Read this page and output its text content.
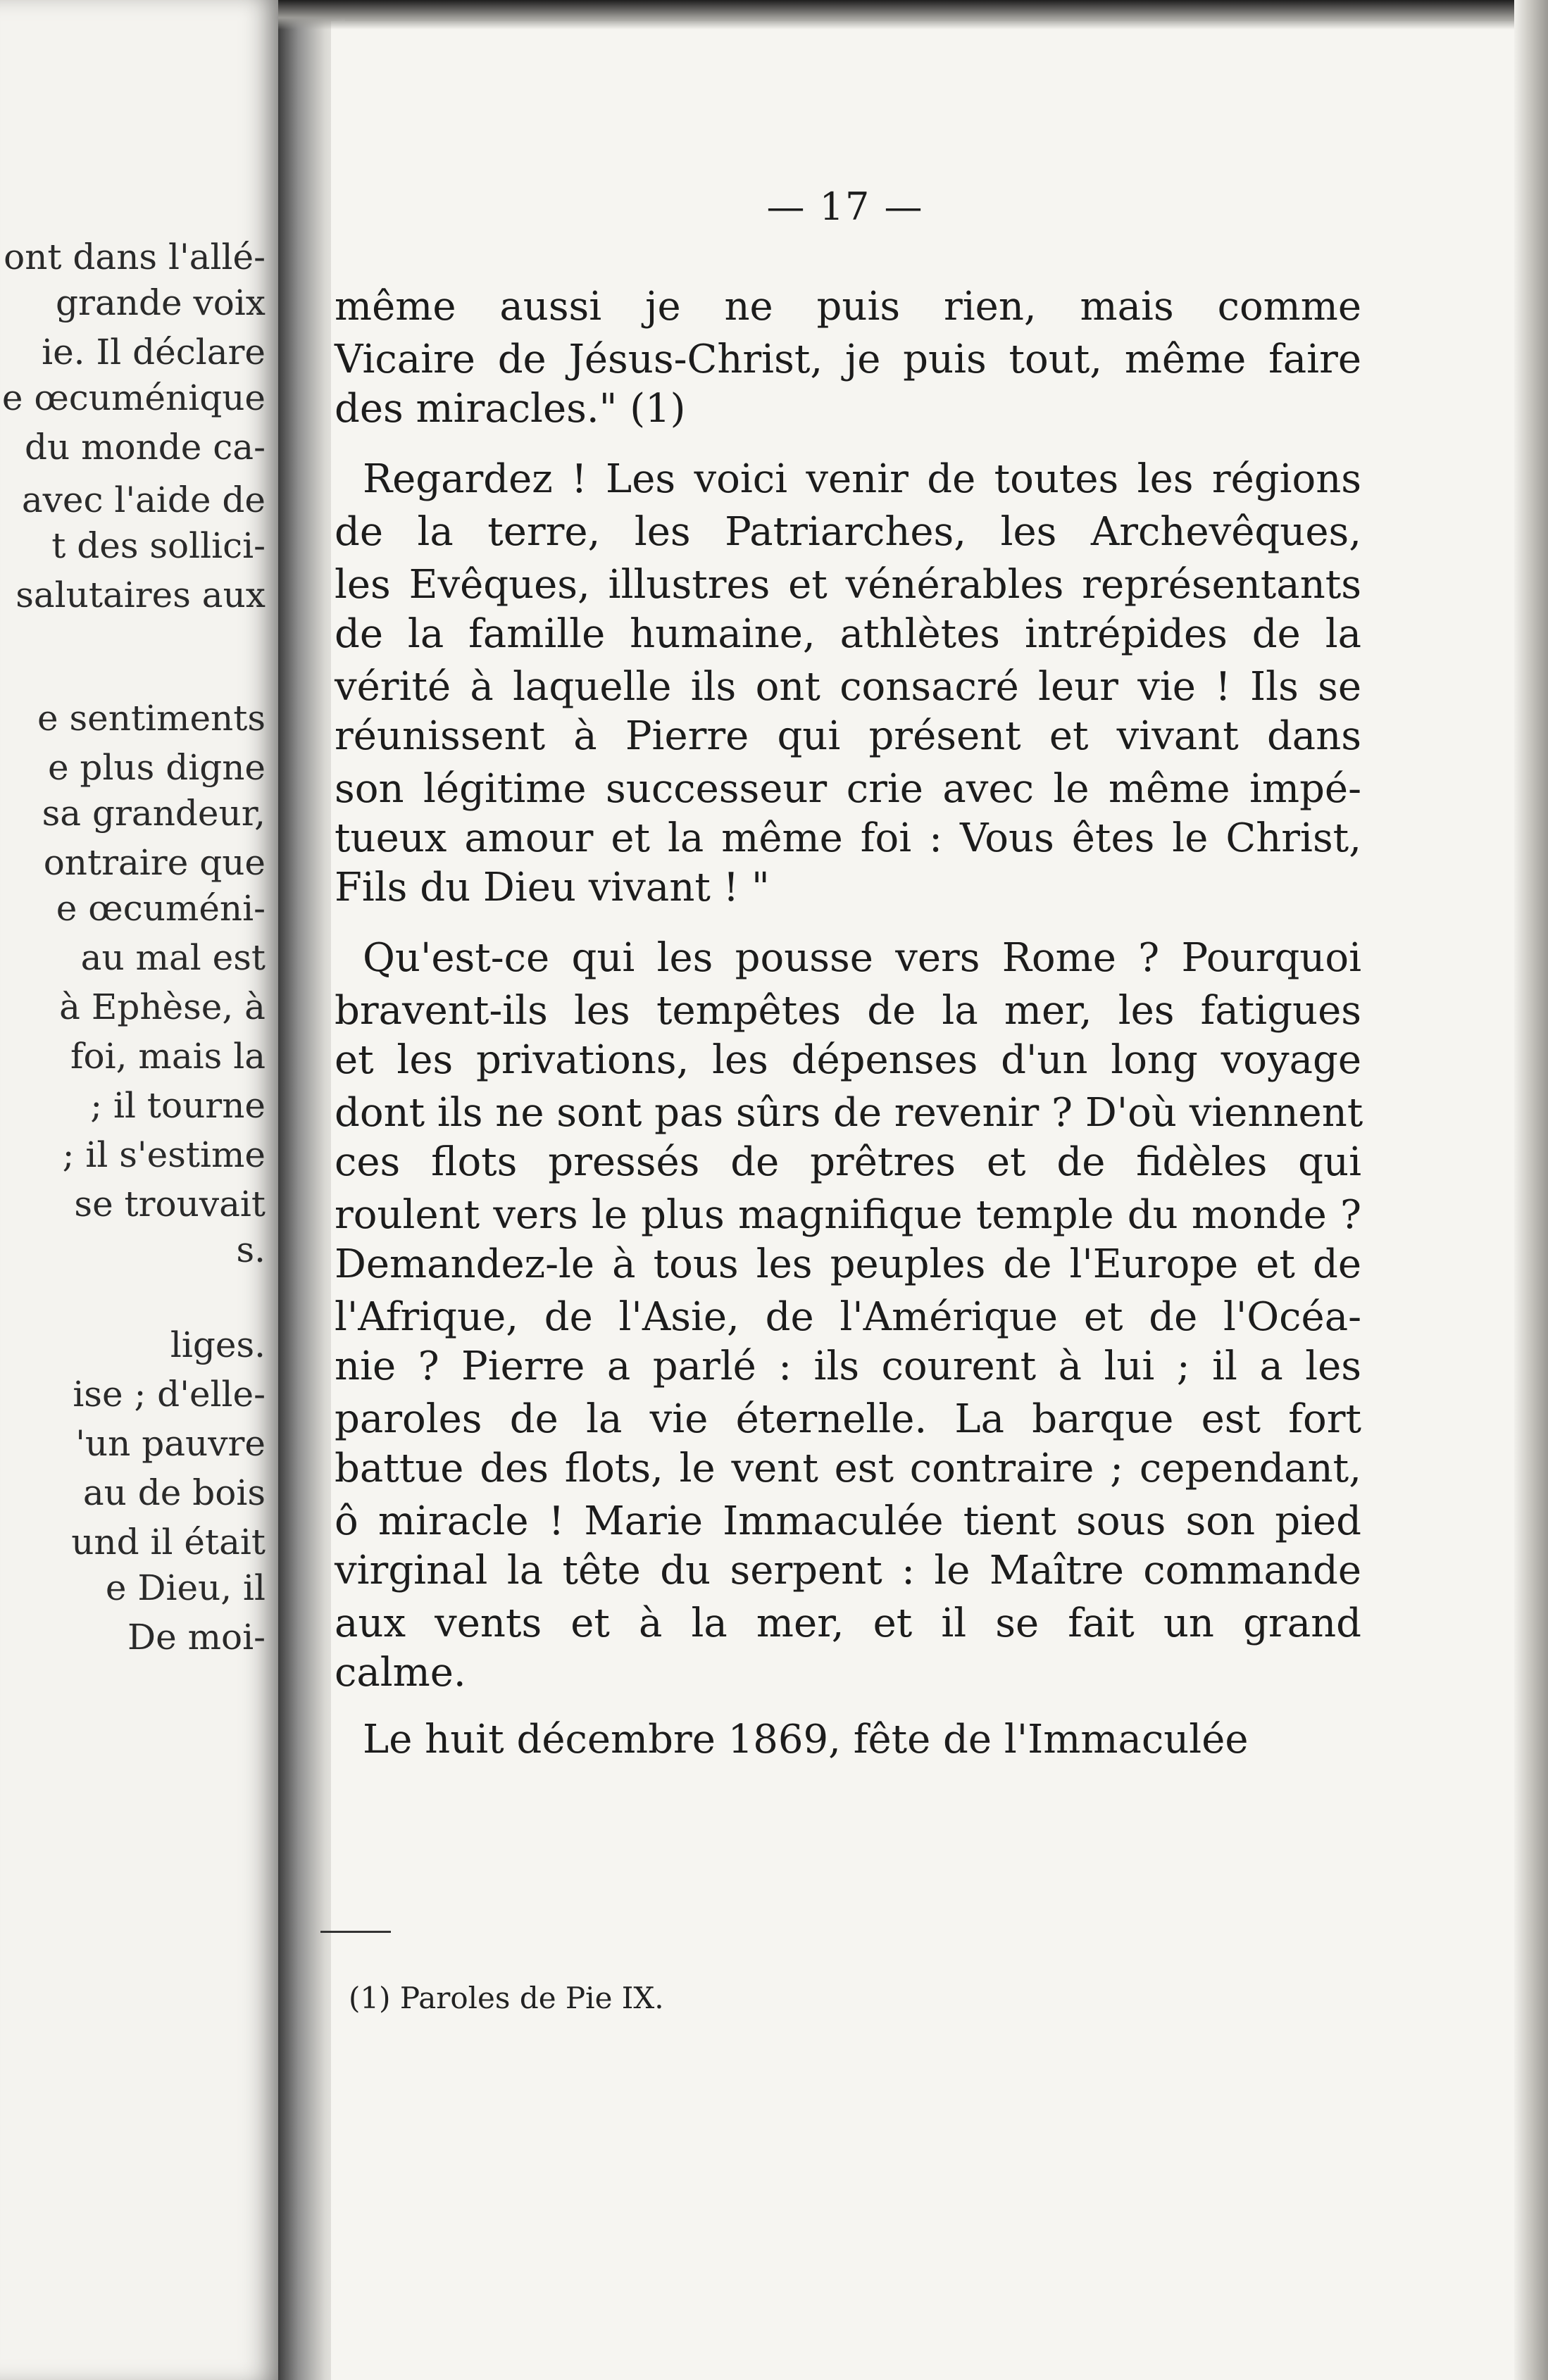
ont dans l'allé-
grande voix
ie. Il déclare
e œcuménique
du monde ca-
avec l'aide de
t des sollici-
salutaires aux
e sentiments
e plus digne
sa grandeur,
ontraire que
e œcuméni-
au mal est
à Ephèse, à
foi, mais la
; il tourne
; il s'estime
se trouvait
s.
liges.
ise ; d'elle-
'un pauvre
au de bois
und il était
e Dieu, il
De moi-
— 17 —
même aussi je ne puis rien, mais comme
Vicaire de Jésus-Christ, je puis tout, même faire
des miracles." (1)
Regardez ! Les voici venir de toutes les régions
de la terre, les Patriarches, les Archevêques,
les Evêques, illustres et vénérables représentants
de la famille humaine, athlètes intrépides de la
vérité à laquelle ils ont consacré leur vie ! Ils se
réunissent à Pierre qui présent et vivant dans
son légitime successeur crie avec le même impé-
tueux amour et la même foi : Vous êtes le Christ,
Fils du Dieu vivant ! "
Qu'est-ce qui les pousse vers Rome ? Pourquoi
bravent-ils les tempêtes de la mer, les fatigues
et les privations, les dépenses d'un long voyage
dont ils ne sont pas sûrs de revenir ? D'où viennent
ces flots pressés de prêtres et de fidèles qui
roulent vers le plus magnifique temple du monde ?
Demandez-le à tous les peuples de l'Europe et de
l'Afrique, de l'Asie, de l'Amérique et de l'Océa-
nie ? Pierre a parlé : ils courent à lui ; il a les
paroles de la vie éternelle. La barque est fort
battue des flots, le vent est contraire ; cependant,
ô miracle ! Marie Immaculée tient sous son pied
virginal la tête du serpent : le Maître commande
aux vents et à la mer, et il se fait un grand
calme.
Le huit décembre 1869, fête de l'Immaculée
(1) Paroles de Pie IX.
